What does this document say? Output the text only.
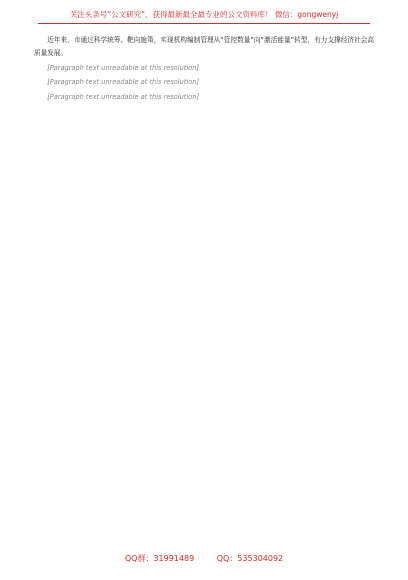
关注头条号“公文研究”，获得最新最全最专业的公文资料库！ 微信：gongwenyj

近年来，市通过科学统筹、靶向施策，实现机构编制管理从“管控数量”向“激活能量”转型，有力支撑经济社会高质量发展。

[Paragraph text unreadable at this resolution]

[Paragraph text unreadable at this resolution]

[Paragraph text unreadable at this resolution]

QQ群：31991489	QQ：535304092
